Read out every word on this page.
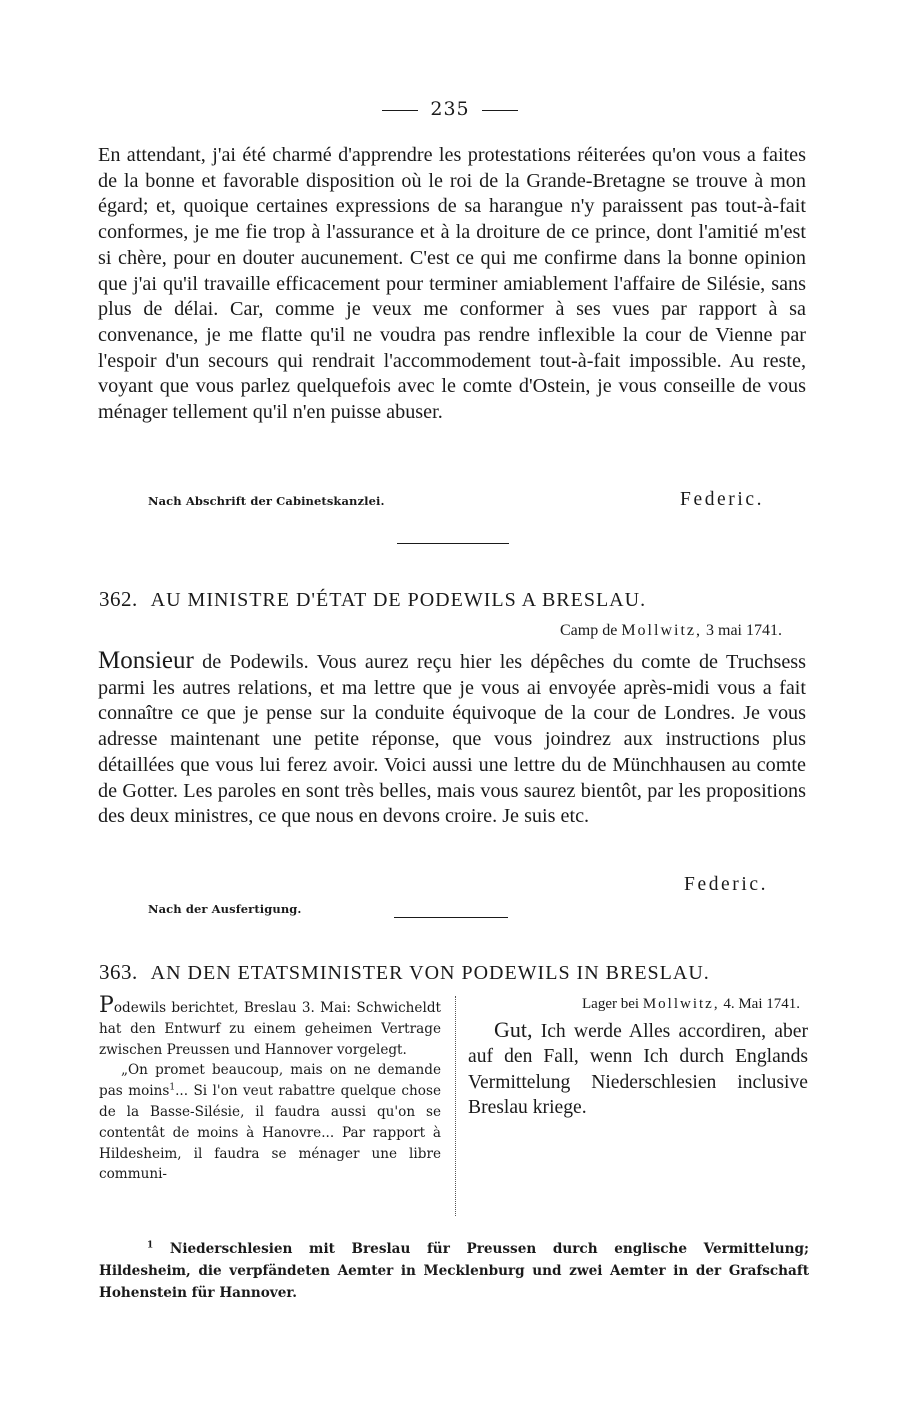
235
En attendant, j'ai été charmé d'apprendre les protestations réiterées qu'on vous a faites de la bonne et favorable disposition où le roi de la Grande-Bretagne se trouve à mon égard; et, quoique certaines expressions de sa harangue n'y paraissent pas tout-à-fait conformes, je me fie trop à l'assurance et à la droiture de ce prince, dont l'amitié m'est si chère, pour en douter aucunement. C'est ce qui me confirme dans la bonne opinion que j'ai qu'il travaille efficacement pour terminer amiablement l'affaire de Silésie, sans plus de délai. Car, comme je veux me conformer à ses vues par rapport à sa convenance, je me flatte qu'il ne voudra pas rendre inflexible la cour de Vienne par l'espoir d'un secours qui rendrait l'accommodement tout-à-fait impossible. Au reste, voyant que vous parlez quelquefois avec le comte d'Ostein, je vous conseille de vous ménager tellement qu'il n'en puisse abuser.
Nach Abschrift der Cabinetskanzlei.	Federic.
362. AU MINISTRE D'ÉTAT DE PODEWILS A BRESLAU.
Camp de Mollwitz, 3 mai 1741.
Monsieur de Podewils. Vous aurez reçu hier les dépêches du comte de Truchsess parmi les autres relations, et ma lettre que je vous ai envoyée après-midi vous a fait connaître ce que je pense sur la conduite équivoque de la cour de Londres. Je vous adresse maintenant une petite réponse, que vous joindrez aux instructions plus détaillées que vous lui ferez avoir. Voici aussi une lettre du de Münchhausen au comte de Gotter. Les paroles en sont très belles, mais vous saurez bientôt, par les propositions des deux ministres, ce que nous en devons croire. Je suis etc.
Federic.
Nach der Ausfertigung.
363. AN DEN ETATSMINISTER VON PODEWILS IN BRESLAU.

Podewils berichtet, Breslau 3. Mai: Schwicheldt hat den Entwurf zu einem geheimen Vertrage zwischen Preussen und Hannover vorgelegt.

„On promet beaucoup, mais on ne demande pas moins$^1$... Si l'on veut rabattre quelque chose de la Basse-Silésie, il faudra aussi qu'on se contentât de moins à Hanovre... Par rapport à Hildesheim, il faudra se ménager une libre communi-

Lager bei Mollwitz, 4. Mai 1741.
Gut, Ich werde Alles accordiren, aber auf den Fall, wenn Ich durch Englands Vermittelung Niederschlesien inclusive Breslau kriege.
$^1$ Niederschlesien mit Breslau für Preussen durch englische Vermittelung; Hildesheim, die verpfändeten Aemter in Mecklenburg und zwei Aemter in der Grafschaft Hohenstein für Hannover.
